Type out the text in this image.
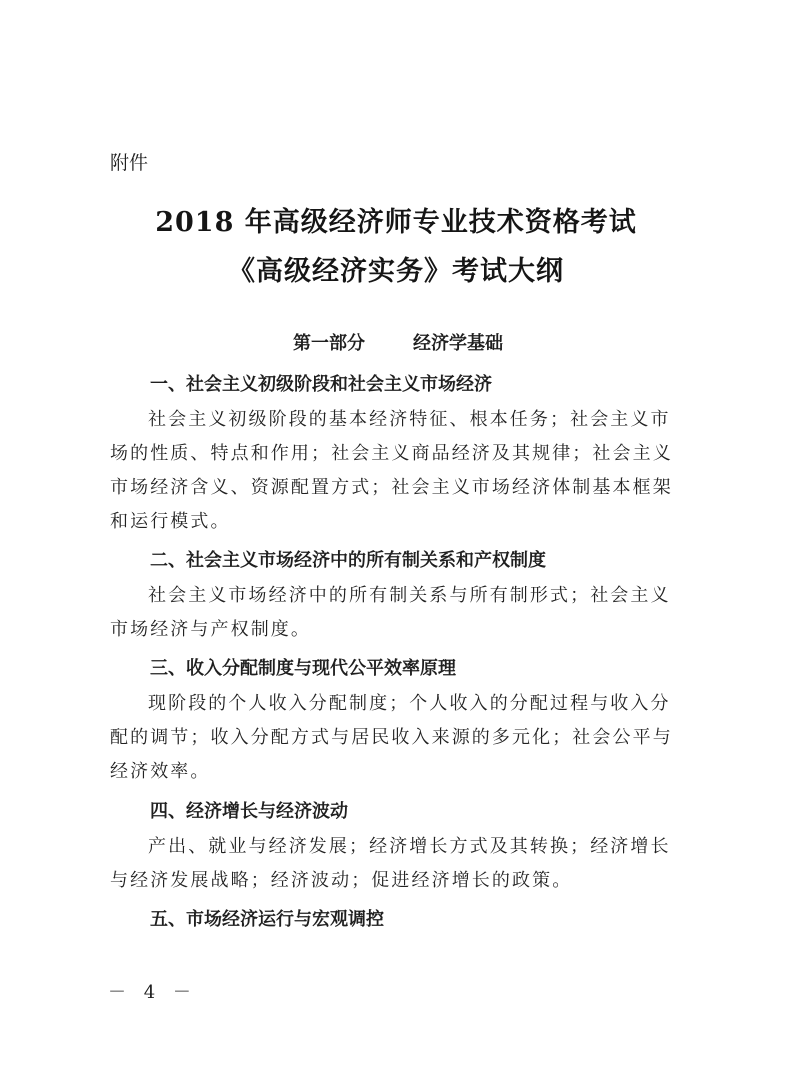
附件
2018 年高级经济师专业技术资格考试
《高级经济实务》考试大纲
第一部分	经济学基础
一、社会主义初级阶段和社会主义市场经济
社会主义初级阶段的基本经济特征、根本任务；社会主义市
场的性质、特点和作用；社会主义商品经济及其规律；社会主义
市场经济含义、资源配置方式；社会主义市场经济体制基本框架
和运行模式。
二、社会主义市场经济中的所有制关系和产权制度
社会主义市场经济中的所有制关系与所有制形式；社会主义
市场经济与产权制度。
三、收入分配制度与现代公平效率原理
现阶段的个人收入分配制度；个人收入的分配过程与收入分
配的调节；收入分配方式与居民收入来源的多元化；社会公平与
经济效率。
四、经济增长与经济波动
产出、就业与经济发展；经济增长方式及其转换；经济增长
与经济发展战略；经济波动；促进经济增长的政策。
五、市场经济运行与宏观调控
－ 4 －
